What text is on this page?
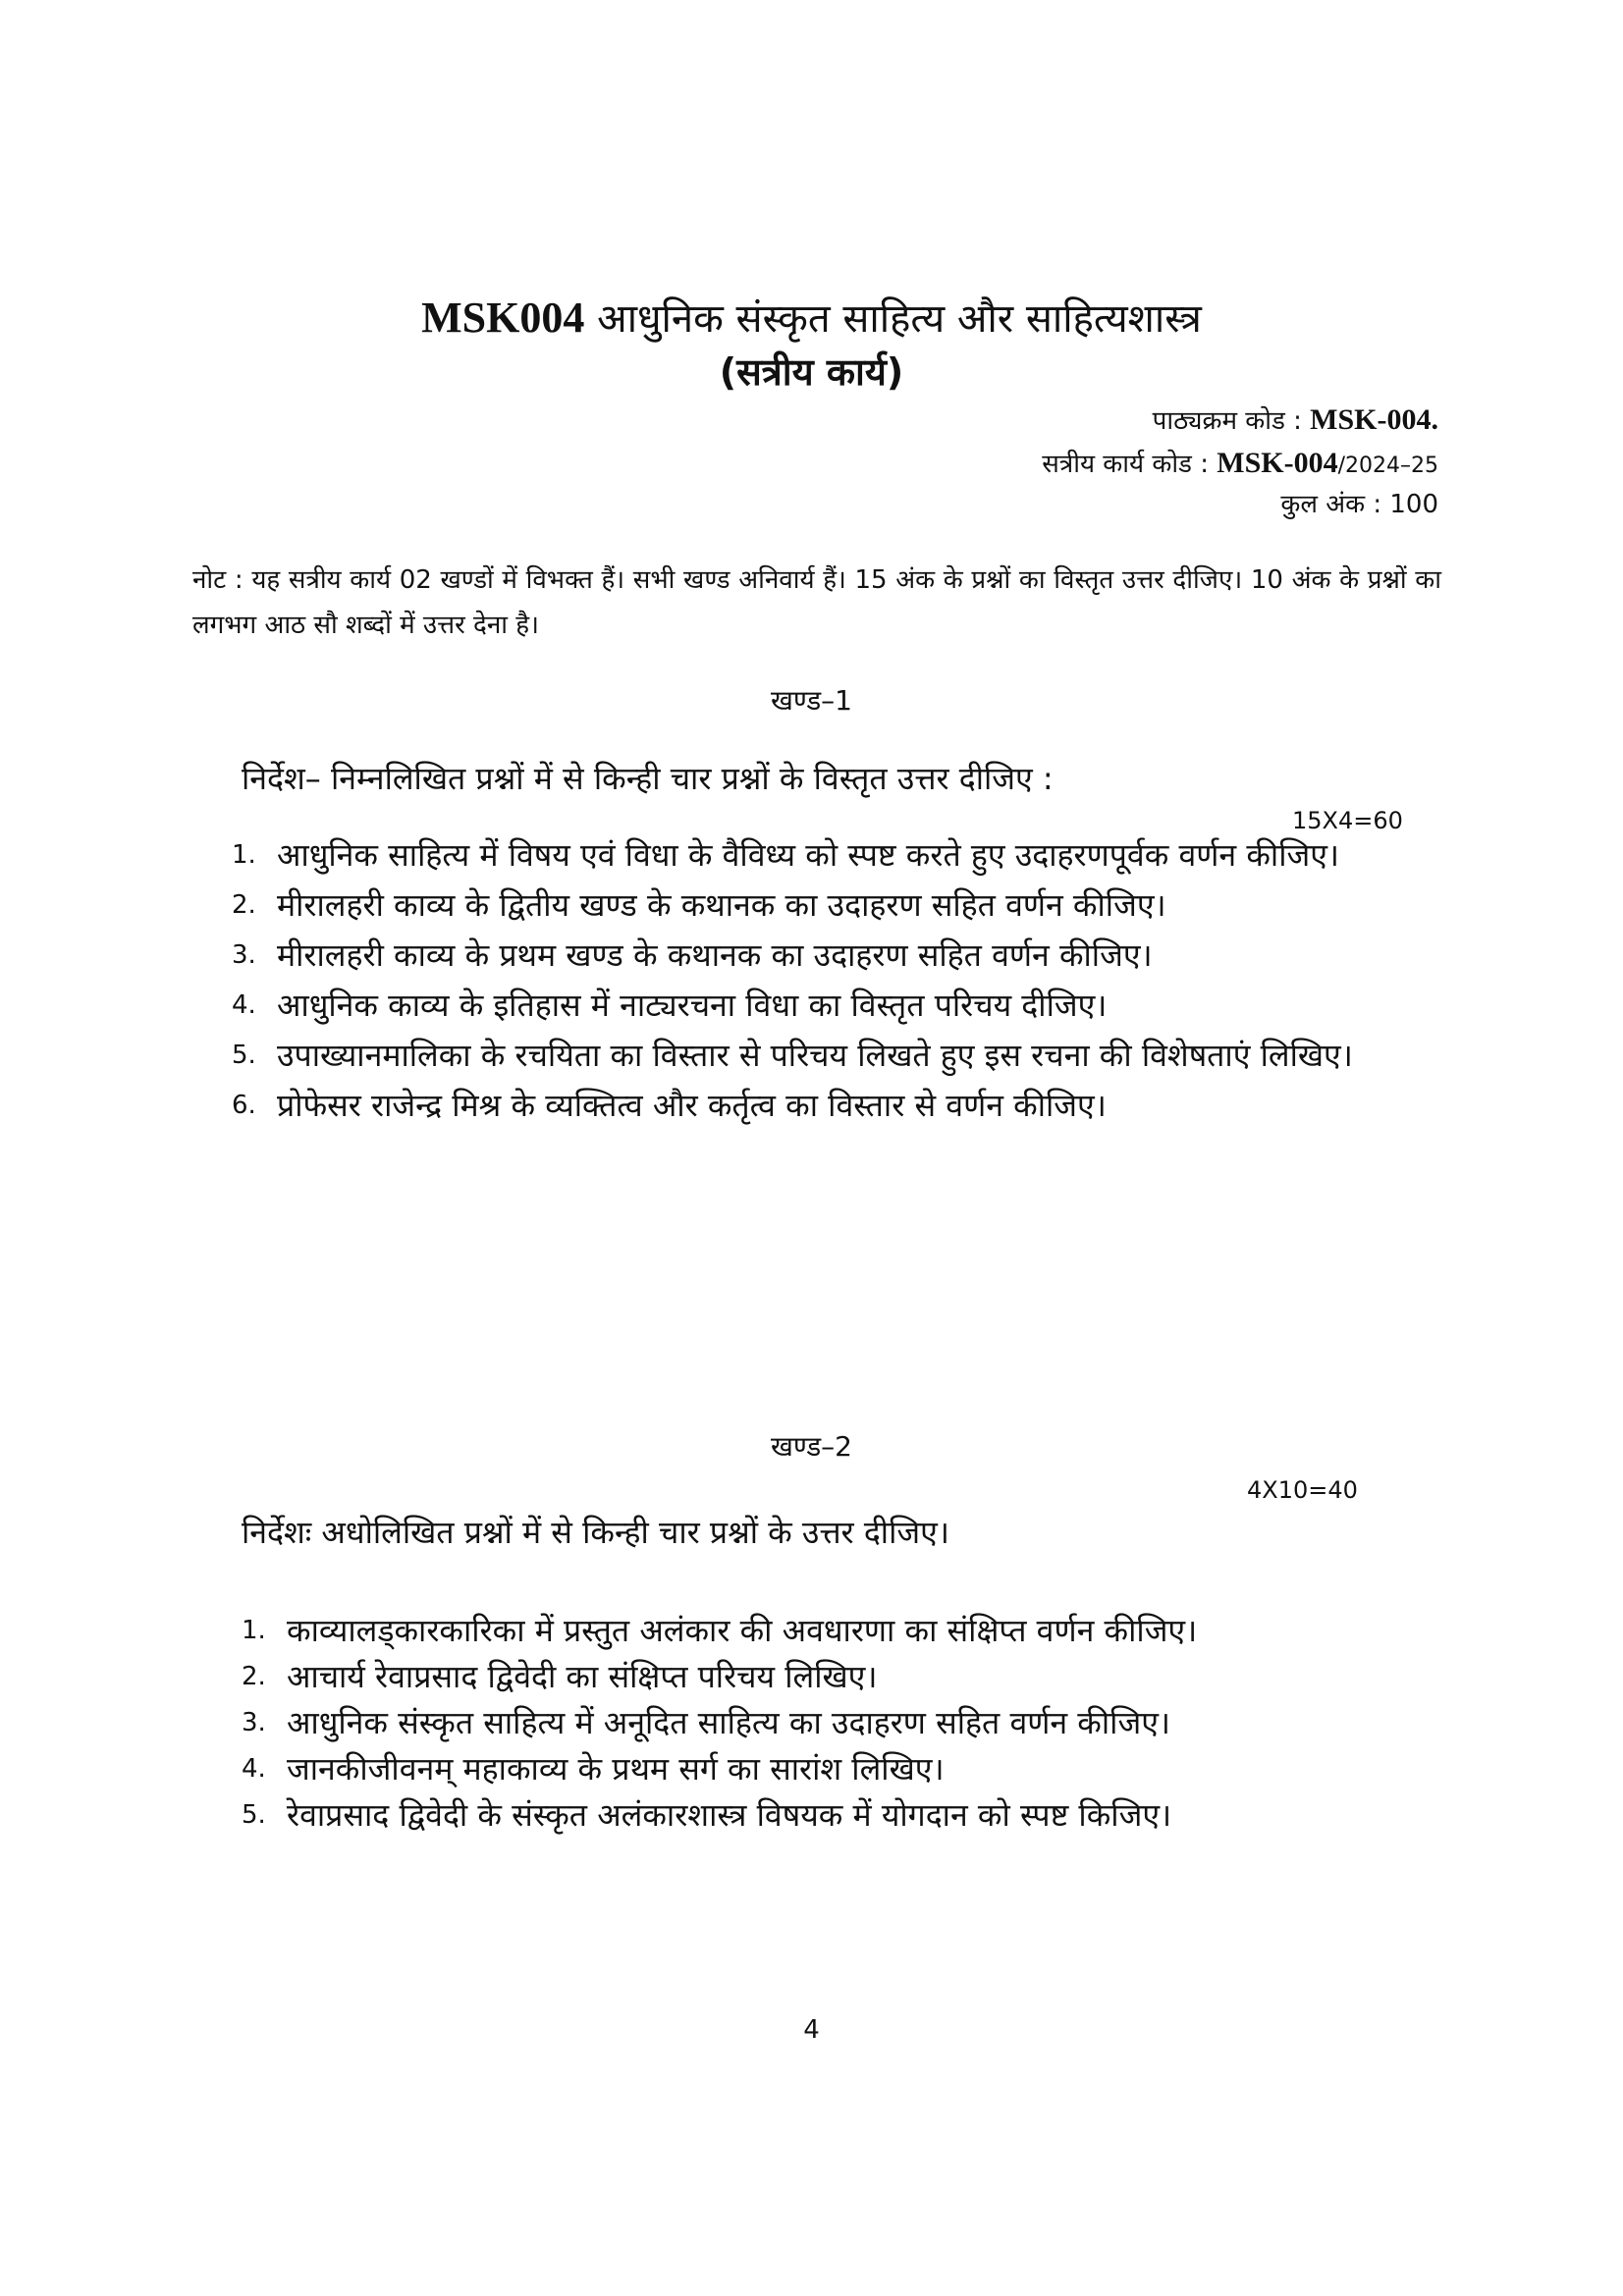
MSK004 आधुनिक संस्कृत साहित्य और साहित्यशास्त्र
(सत्रीय कार्य)
पाठ्यक्रम कोड : MSK-004.
सत्रीय कार्य कोड : MSK-004/2024–25
कुल अंक : 100
नोट : यह सत्रीय कार्य 02 खण्डों में विभक्त हैं। सभी खण्ड अनिवार्य हैं। 15 अंक के प्रश्नों का विस्तृत उत्तर दीजिए। 10 अंक के प्रश्नों का लगभग आठ सौ शब्दों में उत्तर देना है।
खण्ड–1
निर्देश– निम्नलिखित प्रश्नों में से किन्ही चार प्रश्नों के विस्तृत उत्तर दीजिए :
15X4=60
1. आधुनिक साहित्य में विषय एवं विधा के वैविध्य को स्पष्ट करते हुए उदाहरणपूर्वक वर्णन कीजिए।
2. मीरालहरी काव्य के द्वितीय खण्ड के कथानक का उदाहरण सहित वर्णन कीजिए।
3. मीरालहरी काव्य के प्रथम खण्ड के कथानक का उदाहरण सहित वर्णन कीजिए।
4. आधुनिक काव्य के इतिहास में नाट्यरचना विधा का विस्तृत परिचय दीजिए।
5. उपाख्यानमालिका के रचयिता का विस्तार से परिचय लिखते हुए इस रचना की विशेषताएं लिखिए।
6. प्रोफेसर राजेन्द्र मिश्र के व्यक्तित्व और कर्तृत्व का विस्तार से वर्णन कीजिए।
खण्ड–2
4X10=40
निर्देशः अधोलिखित प्रश्नों में से किन्ही चार प्रश्नों के उत्तर दीजिए।
1. काव्यालड्कारकारिका में प्रस्तुत अलंकार की अवधारणा का संक्षिप्त वर्णन कीजिए।
2. आचार्य रेवाप्रसाद द्विवेदी का संक्षिप्त परिचय लिखिए।
3. आधुनिक संस्कृत साहित्य में अनूदित साहित्य का उदाहरण सहित वर्णन कीजिए।
4. जानकीजीवनम् महाकाव्य के प्रथम सर्ग का सारांश लिखिए।
5. रेवाप्रसाद द्विवेदी के संस्कृत अलंकारशास्त्र विषयक में योगदान को स्पष्ट किजिए।
4
